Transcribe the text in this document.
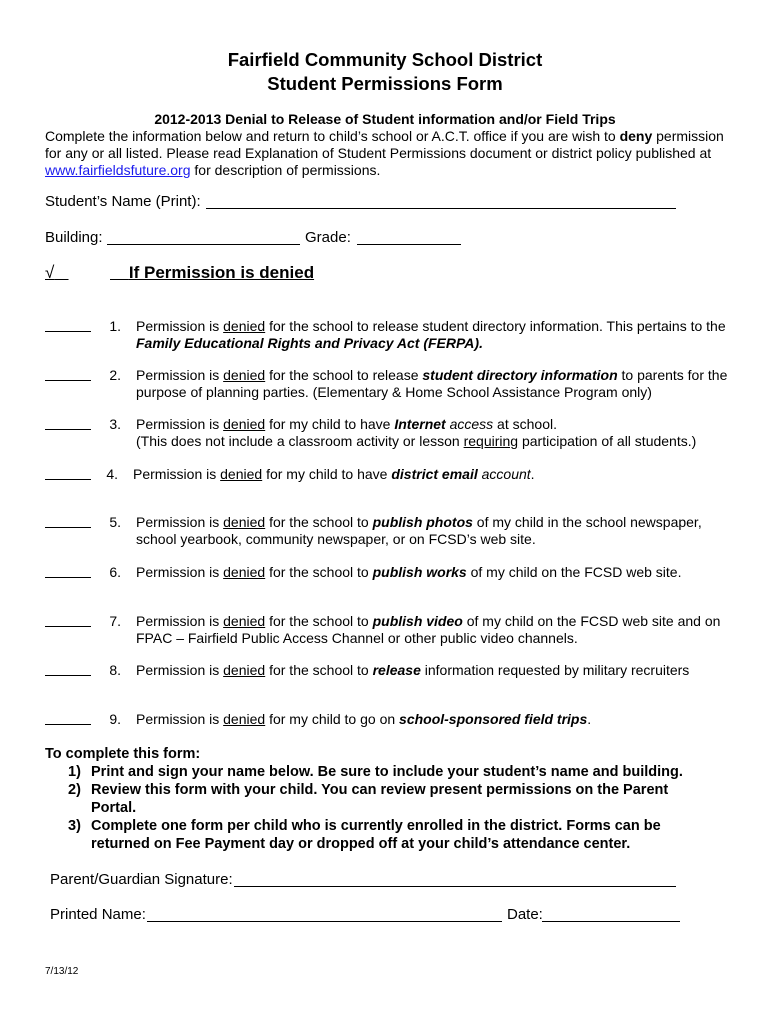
Fairfield Community School District
Student Permissions Form
2012-2013 Denial to Release of Student information and/or Field Trips
Complete the information below and return to child’s school or A.C.T. office if you are wish to deny permission
for any or all listed. Please read Explanation of Student Permissions document or district policy published at
www.fairfieldsfuture.org for description of permissions.
Student’s Name (Print):
Building:	Grade:
√	If Permission is denied
1. Permission is denied for the school to release student directory information. This pertains to the
Family Educational Rights and Privacy Act (FERPA).
2. Permission is denied for the school to release student directory information to parents for the
purpose of planning parties. (Elementary & Home School Assistance Program only)
3. Permission is denied for my child to have Internet access at school.
(This does not include a classroom activity or lesson requiring participation of all students.)
4. Permission is denied for my child to have district email account.
5. Permission is denied for the school to publish photos of my child in the school newspaper,
school yearbook, community newspaper, or on FCSD’s web site.
6. Permission is denied for the school to publish works of my child on the FCSD web site.
7. Permission is denied for the school to publish video of my child on the FCSD web site and on
FPAC – Fairfield Public Access Channel or other public video channels.
8. Permission is denied for the school to release information requested by military recruiters
9. Permission is denied for my child to go on school-sponsored field trips.
To complete this form:
1) Print and sign your name below. Be sure to include your student’s name and building.
2) Review this form with your child. You can review present permissions on the Parent
Portal.
3) Complete one form per child who is currently enrolled in the district. Forms can be
returned on Fee Payment day or dropped off at your child’s attendance center.
Parent/Guardian Signature:
Printed Name:	Date:
7/13/12
